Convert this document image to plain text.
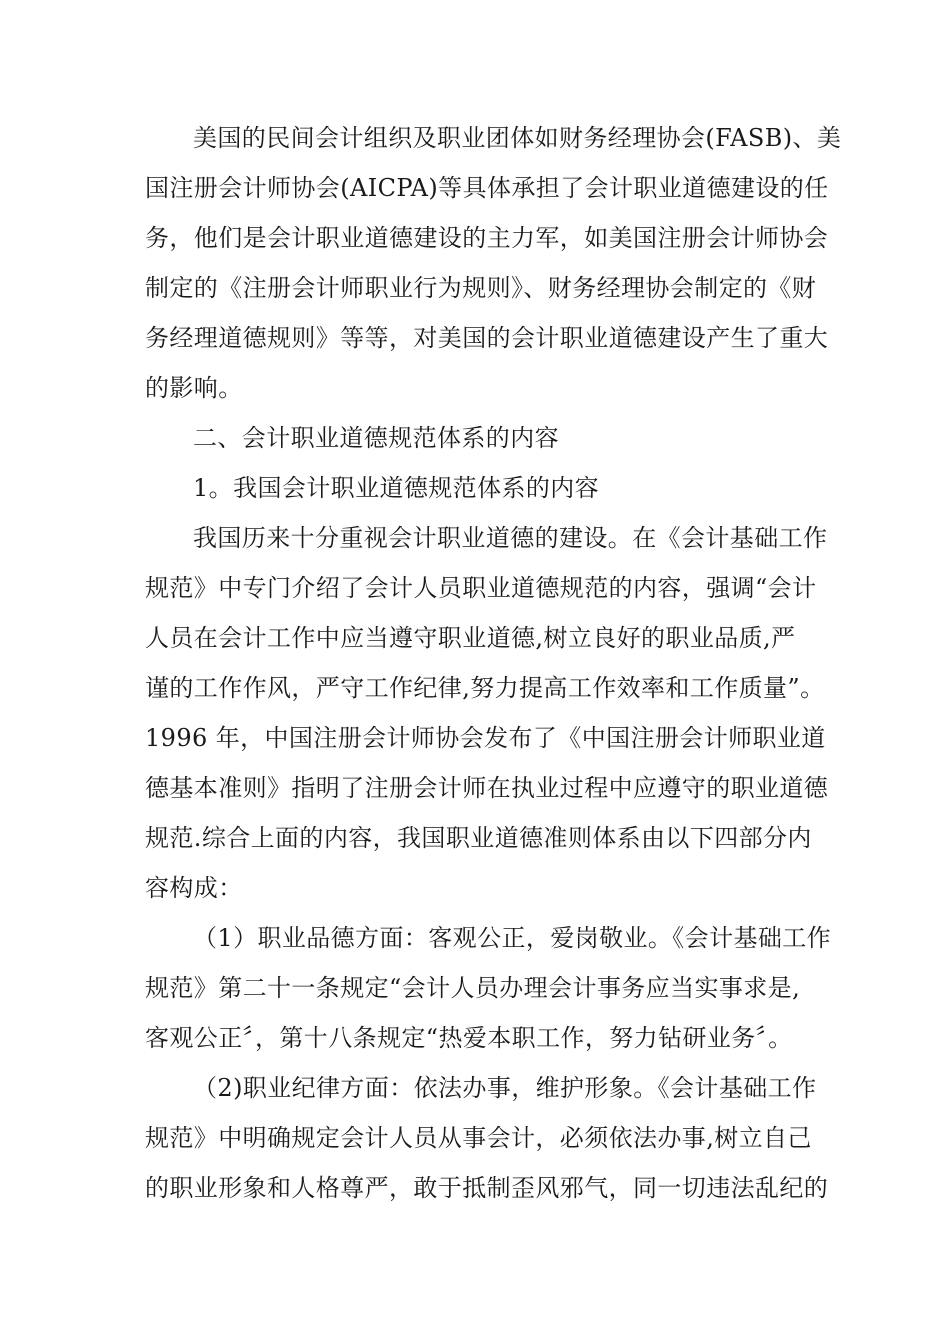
美国的民间会计组织及职业团体如财务经理协会(FASB)、美
国注册会计师协会(AICPA)等具体承担了会计职业道德建设的任
务，他们是会计职业道德建设的主力军，如美国注册会计师协会
制定的《注册会计师职业行为规则》、财务经理协会制定的《财
务经理道德规则》等等，对美国的会计职业道德建设产生了重大
的影响。
二、会计职业道德规范体系的内容
1。我国会计职业道德规范体系的内容
我国历来十分重视会计职业道德的建设。在《会计基础工作
规范》中专门介绍了会计人员职业道德规范的内容，强调“会计
人员在会计工作中应当遵守职业道德,树立良好的职业品质,严
谨的工作作风，严守工作纪律,努力提高工作效率和工作质量”。
1996 年，中国注册会计师协会发布了《中国注册会计师职业道
德基本准则》指明了注册会计师在执业过程中应遵守的职业道德
规范.综合上面的内容，我国职业道德准则体系由以下四部分内
容构成：
（1）职业品德方面：客观公正，爱岗敬业。《会计基础工作
规范》第二十一条规定“会计人员办理会计事务应当实事求是,
客观公正〞，第十八条规定“热爱本职工作，努力钻研业务〞。
（2)职业纪律方面：依法办事，维护形象。《会计基础工作
规范》中明确规定会计人员从事会计，必须依法办事,树立自己
的职业形象和人格尊严，敢于抵制歪风邪气，同一切违法乱纪的
